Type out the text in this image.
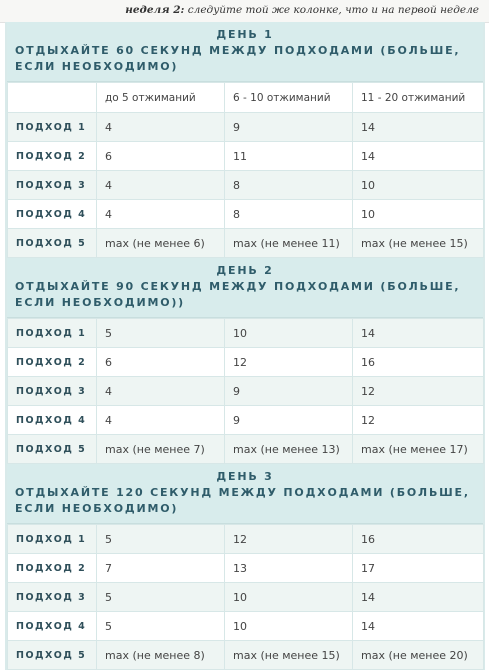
неделя 2: следуйте той же колонке, что и на первой неделе
ДЕНЬ 1
ОТДЫХАЙТЕ 60 СЕКУНД МЕЖДУ ПОДХОДАМИ (БОЛЬШЕ, ЕСЛИ НЕОБХОДИМО)
	до 5 отжиманий	6 - 10 отжиманий	11 - 20 отжиманий
ПОДХОД 1	4	9	14
ПОДХОД 2	6	11	14
ПОДХОД 3	4	8	10
ПОДХОД 4	4	8	10
ПОДХОД 5	max (не менее 6)	max (не менее 11)	max (не менее 15)
ДЕНЬ 2
ОТДЫХАЙТЕ 90 СЕКУНД МЕЖДУ ПОДХОДАМИ (БОЛЬШЕ, ЕСЛИ НЕОБХОДИМО))
ПОДХОД 1	5	10	14
ПОДХОД 2	6	12	16
ПОДХОД 3	4	9	12
ПОДХОД 4	4	9	12
ПОДХОД 5	max (не менее 7)	max (не менее 13)	max (не менее 17)
ДЕНЬ 3
ОТДЫХАЙТЕ 120 СЕКУНД МЕЖДУ ПОДХОДАМИ (БОЛЬШЕ, ЕСЛИ НЕОБХОДИМО)
ПОДХОД 1	5	12	16
ПОДХОД 2	7	13	17
ПОДХОД 3	5	10	14
ПОДХОД 4	5	10	14
ПОДХОД 5	max (не менее 8)	max (не менее 15)	max (не менее 20)
